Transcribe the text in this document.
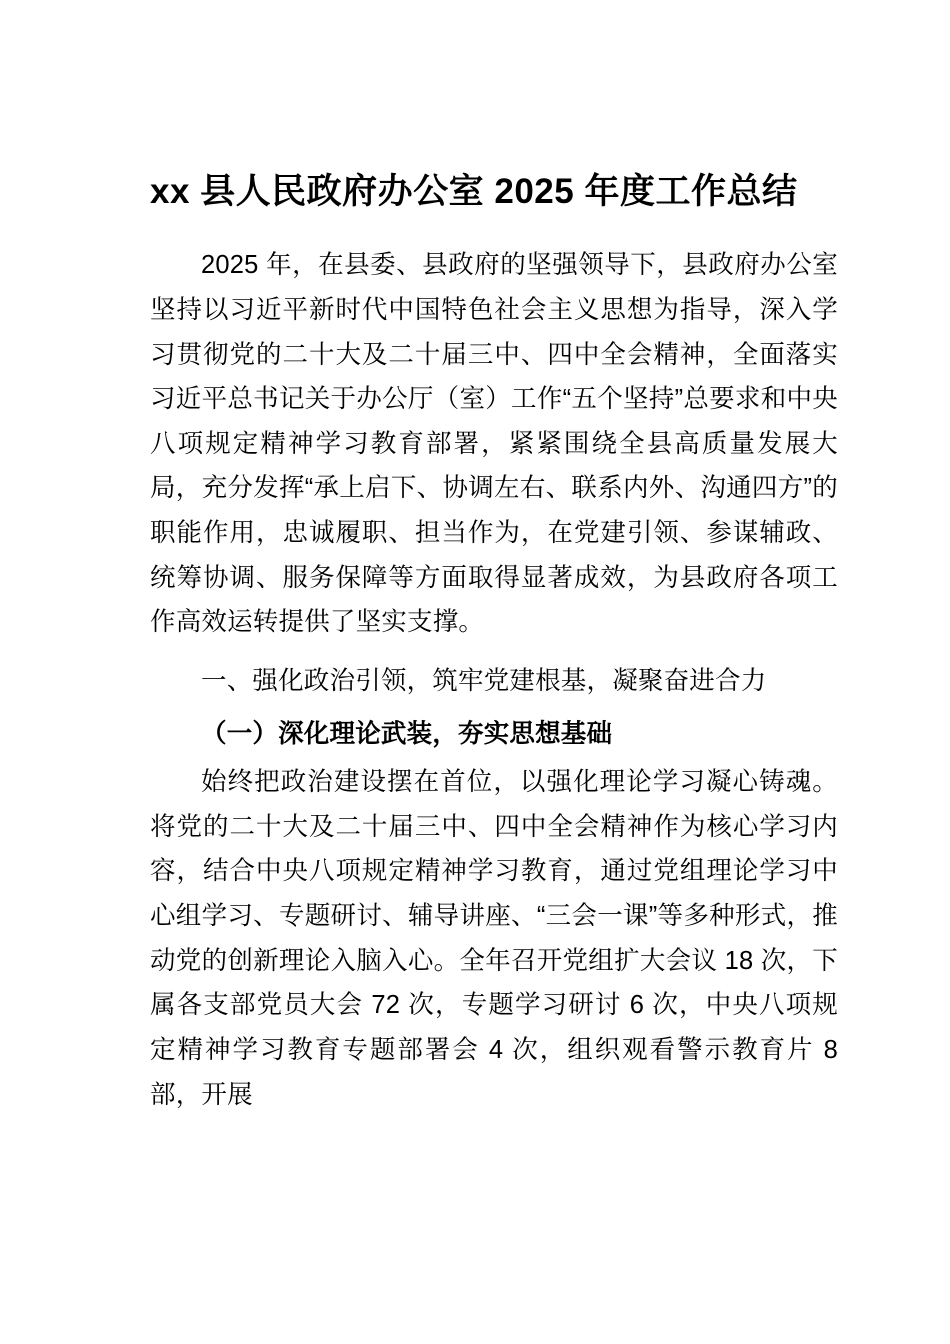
xx 县人民政府办公室 2025 年度工作总结

2025 年，在县委、县政府的坚强领导下，县政府办公室坚持以习近平新时代中国特色社会主义思想为指导，深入学习贯彻党的二十大及二十届三中、四中全会精神，全面落实习近平总书记关于办公厅（室）工作“五个坚持”总要求和中央八项规定精神学习教育部署，紧紧围绕全县高质量发展大局，充分发挥“承上启下、协调左右、联系内外、沟通四方”的职能作用，忠诚履职、担当作为，在党建引领、参谋辅政、统筹协调、服务保障等方面取得显著成效，为县政府各项工作高效运转提供了坚实支撑。

一、强化政治引领，筑牢党建根基，凝聚奋进合力

（一）深化理论武装，夯实思想基础

始终把政治建设摆在首位，以强化理论学习凝心铸魂。将党的二十大及二十届三中、四中全会精神作为核心学习内容，结合中央八项规定精神学习教育，通过党组理论学习中心组学习、专题研讨、辅导讲座、“三会一课”等多种形式，推动党的创新理论入脑入心。全年召开党组扩大会议 18 次，下属各支部党员大会 72 次，专题学习研讨 6 次，中央八项规定精神学习教育专题部署会 4 次，组织观看警示教育片 8 部，开展
